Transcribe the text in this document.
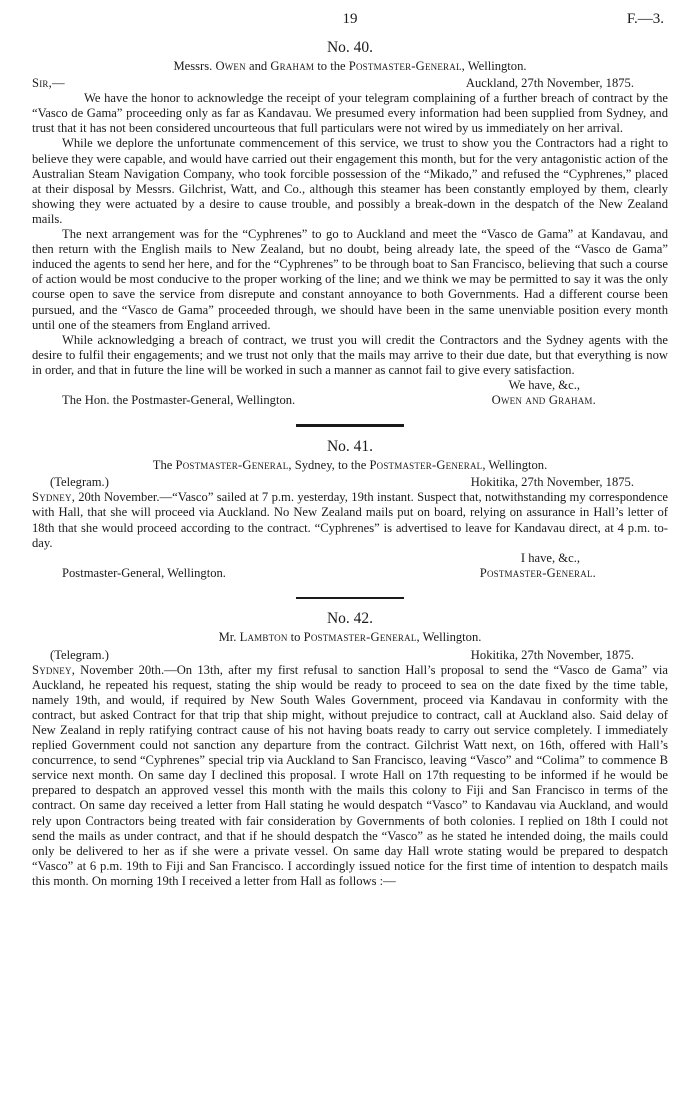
19	F.—3.
No. 40.
Messrs. Owen and Graham to the Postmaster-General, Wellington.
Sir,—	Auckland, 27th November, 1875.

We have the honor to acknowledge the receipt of your telegram complaining of a further breach of contract by the “Vasco de Gama” proceeding only as far as Kandavau. We presumed every information had been supplied from Sydney, and trust that it has not been considered uncourteous that full particulars were not wired by us immediately on her arrival.

While we deplore the unfortunate commencement of this service, we trust to show you the Contractors had a right to believe they were capable, and would have carried out their engagement this month, but for the very antagonistic action of the Australian Steam Navigation Company, who took forcible possession of the “Mikado,” and refused the “Cyphrenes,” placed at their disposal by Messrs. Gilchrist, Watt, and Co., although this steamer has been constantly employed by them, clearly showing they were actuated by a desire to cause trouble, and possibly a break-down in the despatch of the New Zealand mails.

The next arrangement was for the “Cyphrenes” to go to Auckland and meet the “Vasco de Gama” at Kandavau, and then return with the English mails to New Zealand, but no doubt, being already late, the speed of the “Vasco de Gama” induced the agents to send her here, and for the “Cyphrenes” to be through boat to San Francisco, believing that such a course of action would be most conducive to the proper working of the line; and we think we may be permitted to say it was the only course open to save the service from disrepute and constant annoyance to both Governments. Had a different course been pursued, and the “Vasco de Gama” proceeded through, we should have been in the same unenviable position every month until one of the steamers from England arrived.

While acknowledging a breach of contract, we trust you will credit the Contractors and the Sydney agents with the desire to fulfil their engagements; and we trust not only that the mails may arrive to their due date, but that everything is now in order, and that in future the line will be worked in such a manner as cannot fail to give every satisfaction.

We have, &c.,
The Hon. the Postmaster-General, Wellington.	Owen and Graham.
No. 41.
The Postmaster-General, Sydney, to the Postmaster-General, Wellington.
(Telegram.)	Hokitika, 27th November, 1875.

Sydney, 20th November.—“Vasco” sailed at 7 p.m. yesterday, 19th instant. Suspect that, notwithstanding my correspondence with Hall, that she will proceed via Auckland. No New Zealand mails put on board, relying on assurance in Hall’s letter of 18th that she would proceed according to the contract. “Cyphrenes” is advertised to leave for Kandavau direct, at 4 p.m. to-day.

I have, &c.,
Postmaster-General, Wellington.	Postmaster-General.
No. 42.
Mr. Lambton to Postmaster-General, Wellington.
(Telegram.)	Hokitika, 27th November, 1875.

Sydney, November 20th.—On 13th, after my first refusal to sanction Hall’s proposal to send the “Vasco de Gama” via Auckland, he repeated his request, stating the ship would be ready to proceed to sea on the date fixed by the time table, namely 19th, and would, if required by New South Wales Government, proceed via Kandavau in conformity with the contract, but asked Contract for that trip that ship might, without prejudice to contract, call at Auckland also. Said delay of New Zealand in reply ratifying contract cause of his not having boats ready to carry out service completely. I immediately replied Government could not sanction any departure from the contract. Gilchrist Watt next, on 16th, offered with Hall’s concurrence, to send “Cyphrenes” special trip via Auckland to San Francisco, leaving “Vasco” and “Colima” to commence B service next month. On same day I declined this proposal. I wrote Hall on 17th requesting to be informed if he would be prepared to despatch an approved vessel this month with the mails this colony to Fiji and San Francisco in terms of the contract. On same day received a letter from Hall stating he would despatch “Vasco” to Kandavau via Auckland, and would rely upon Contractors being treated with fair consideration by Governments of both colonies. I replied on 18th I could not send the mails as under contract, and that if he should despatch the “Vasco” as he stated he intended doing, the mails could only be delivered to her as if she were a private vessel. On same day Hall wrote stating would be prepared to despatch “Vasco” at 6 p.m. 19th to Fiji and San Francisco. I accordingly issued notice for the first time of intention to despatch mails this month. On morning 19th I received a letter from Hall as follows :—
